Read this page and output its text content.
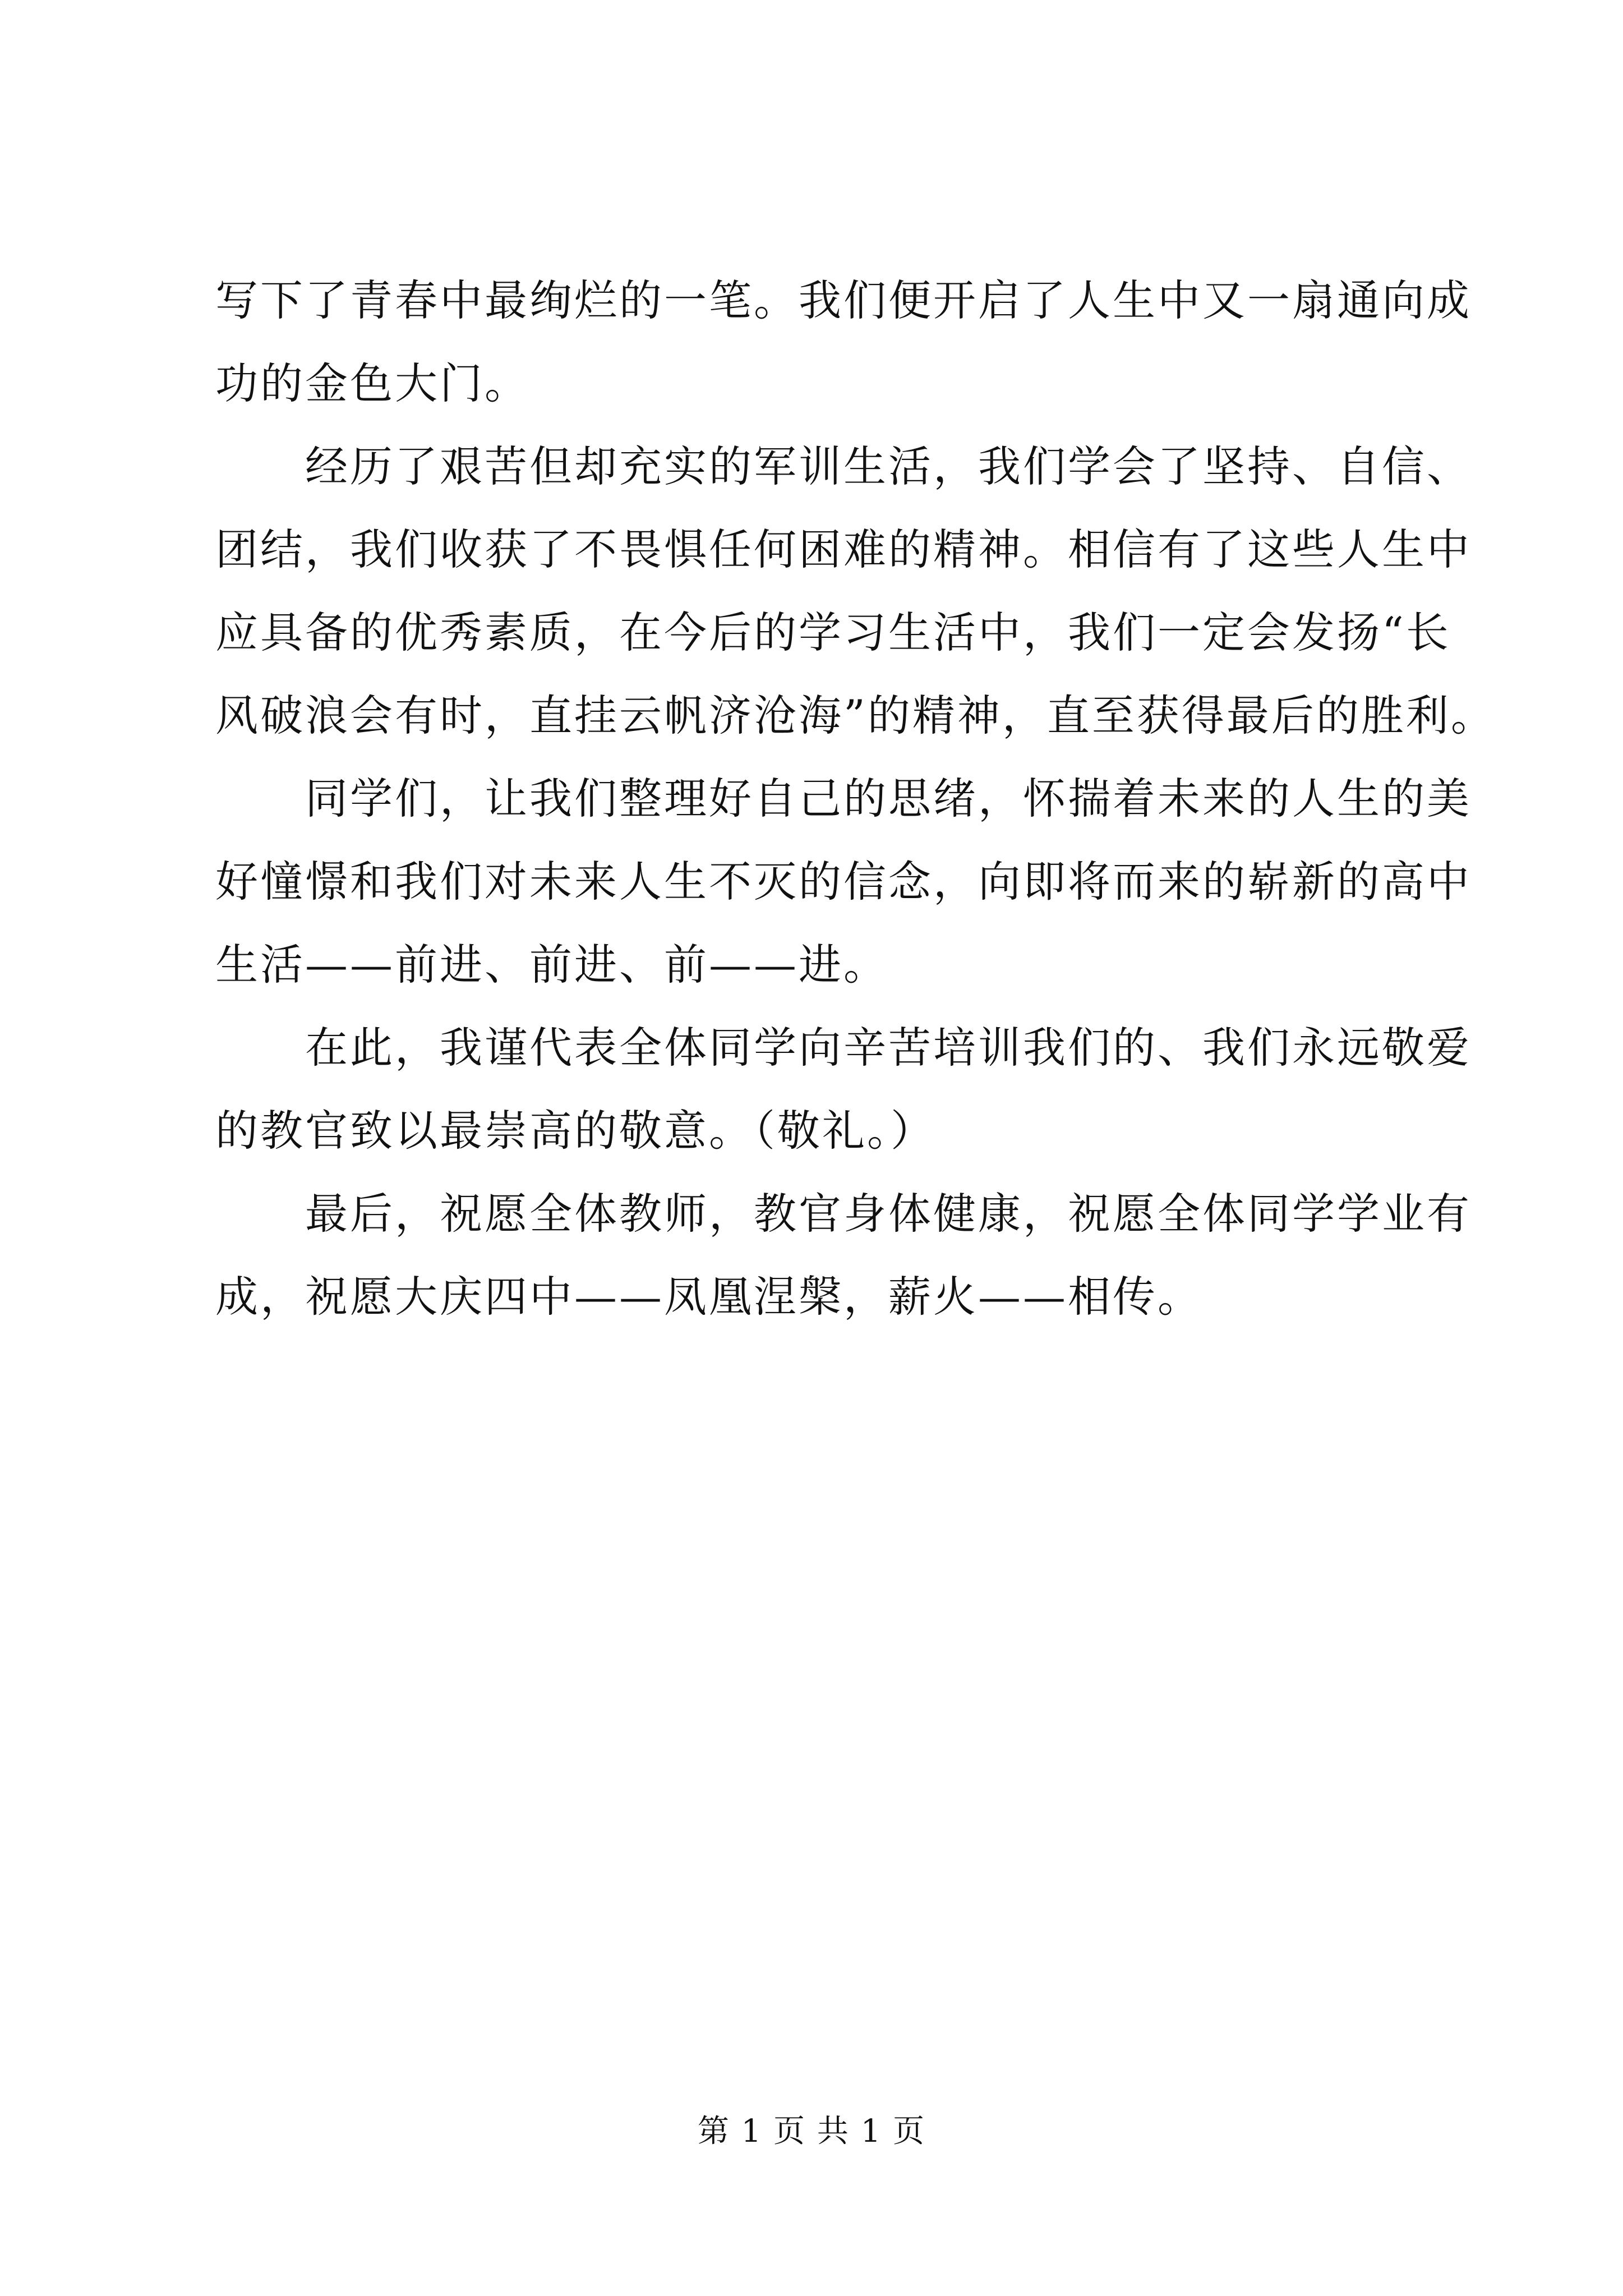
写下了青春中最绚烂的一笔。我们便开启了人生中又一扇通向成
功的金色大门。
经历了艰苦但却充实的军训生活，我们学会了坚持、自信、
团结，我们收获了不畏惧任何困难的精神。相信有了这些人生中
应具备的优秀素质，在今后的学习生活中，我们一定会发扬“长
风破浪会有时，直挂云帆济沧海”的精神，直至获得最后的胜利。
同学们，让我们整理好自己的思绪，怀揣着未来的人生的美
好憧憬和我们对未来人生不灭的信念，向即将而来的崭新的高中
生活——前进、前进、前——进。
在此，我谨代表全体同学向辛苦培训我们的、我们永远敬爱
的教官致以最崇高的敬意。（敬礼。）
最后，祝愿全体教师，教官身体健康，祝愿全体同学学业有
成，祝愿大庆四中——凤凰涅槃，薪火——相传。
第 1 页 共 1 页
